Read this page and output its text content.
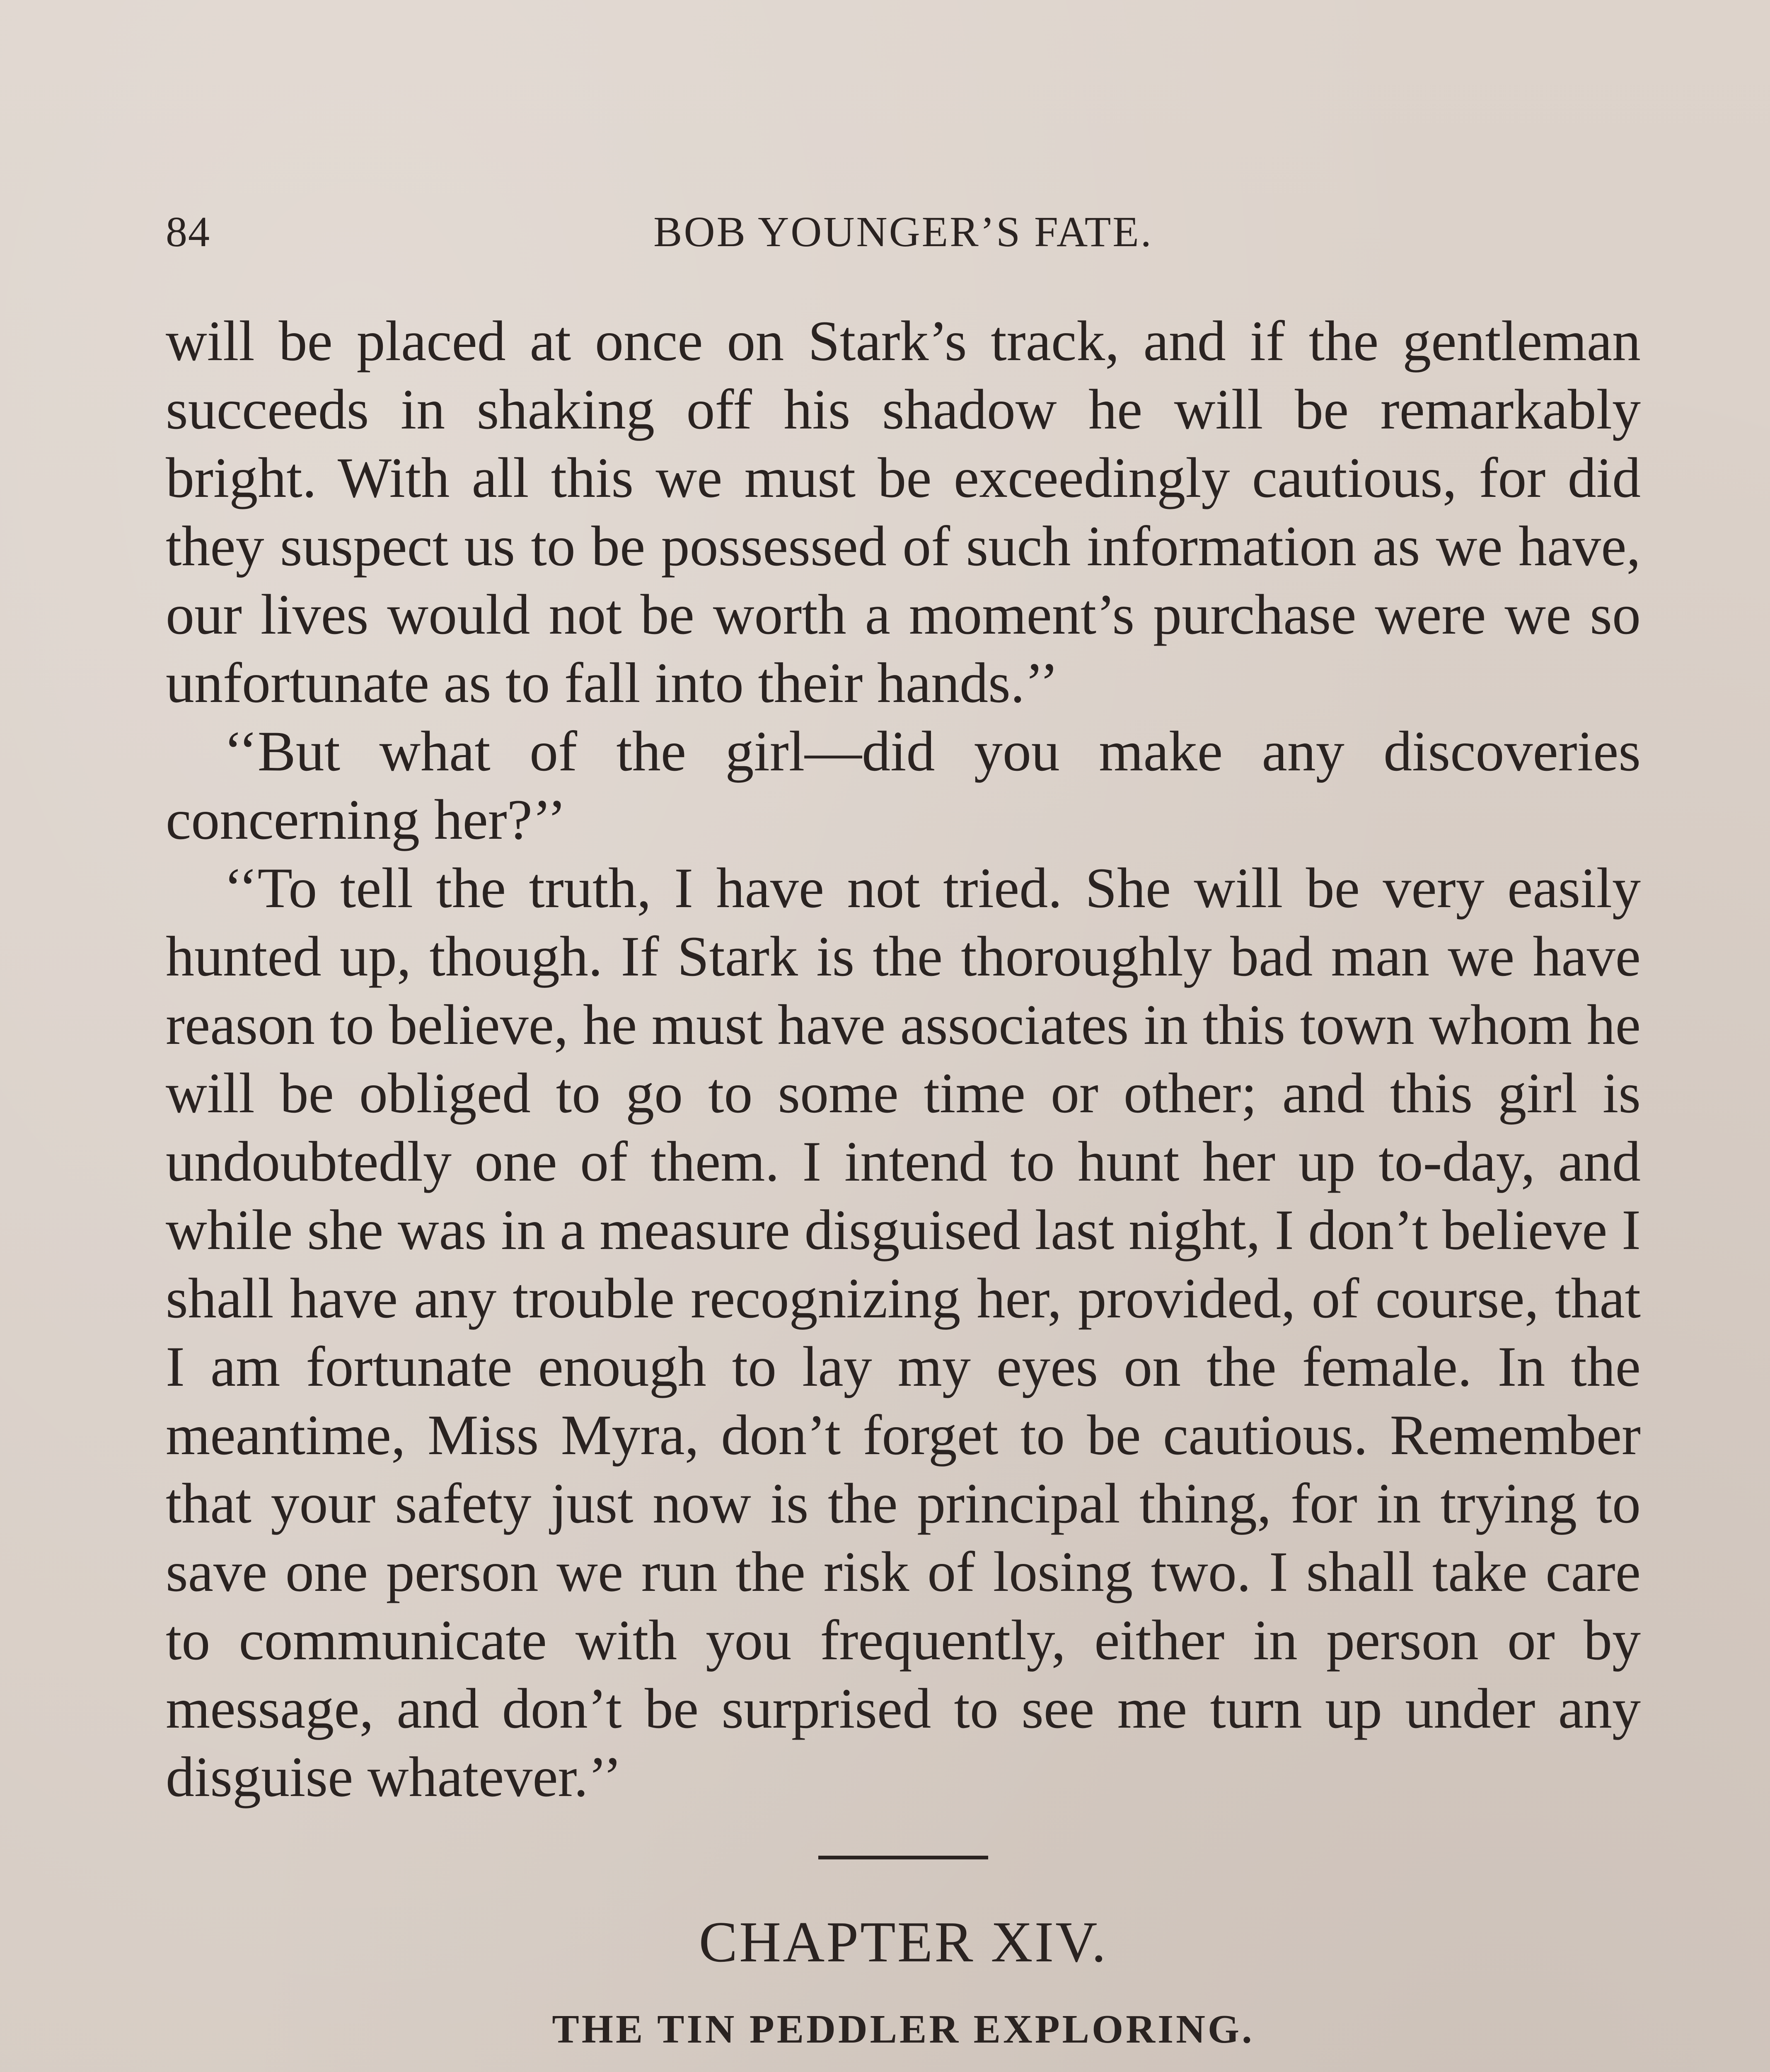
84	BOB YOUNGER’S FATE.

will be placed at once on Stark’s track, and if the gentleman succeeds in shaking off his shadow he will be remarkably bright. With all this we must be exceedingly cautious, for did they suspect us to be possessed of such information as we have, our lives would not be worth a moment’s purchase were we so unfortunate as to fall into their hands.’’

‘‘But what of the girl—did you make any discoveries concerning her?’’

‘‘To tell the truth, I have not tried. She will be very easily hunted up, though. If Stark is the thoroughly bad man we have reason to believe, he must have associates in this town whom he will be obliged to go to some time or other; and this girl is undoubtedly one of them. I intend to hunt her up to-day, and while she was in a measure disguised last night, I don’t believe I shall have any trouble recognizing her, provided, of course, that I am fortunate enough to lay my eyes on the female. In the meantime, Miss Myra, don’t forget to be cautious. Remember that your safety just now is the principal thing, for in trying to save one person we run the risk of losing two. I shall take care to communicate with you frequently, either in person or by message, and don’t be surprised to see me turn up under any disguise whatever.’’

CHAPTER XIV.
THE TIN PEDDLER EXPLORING.
